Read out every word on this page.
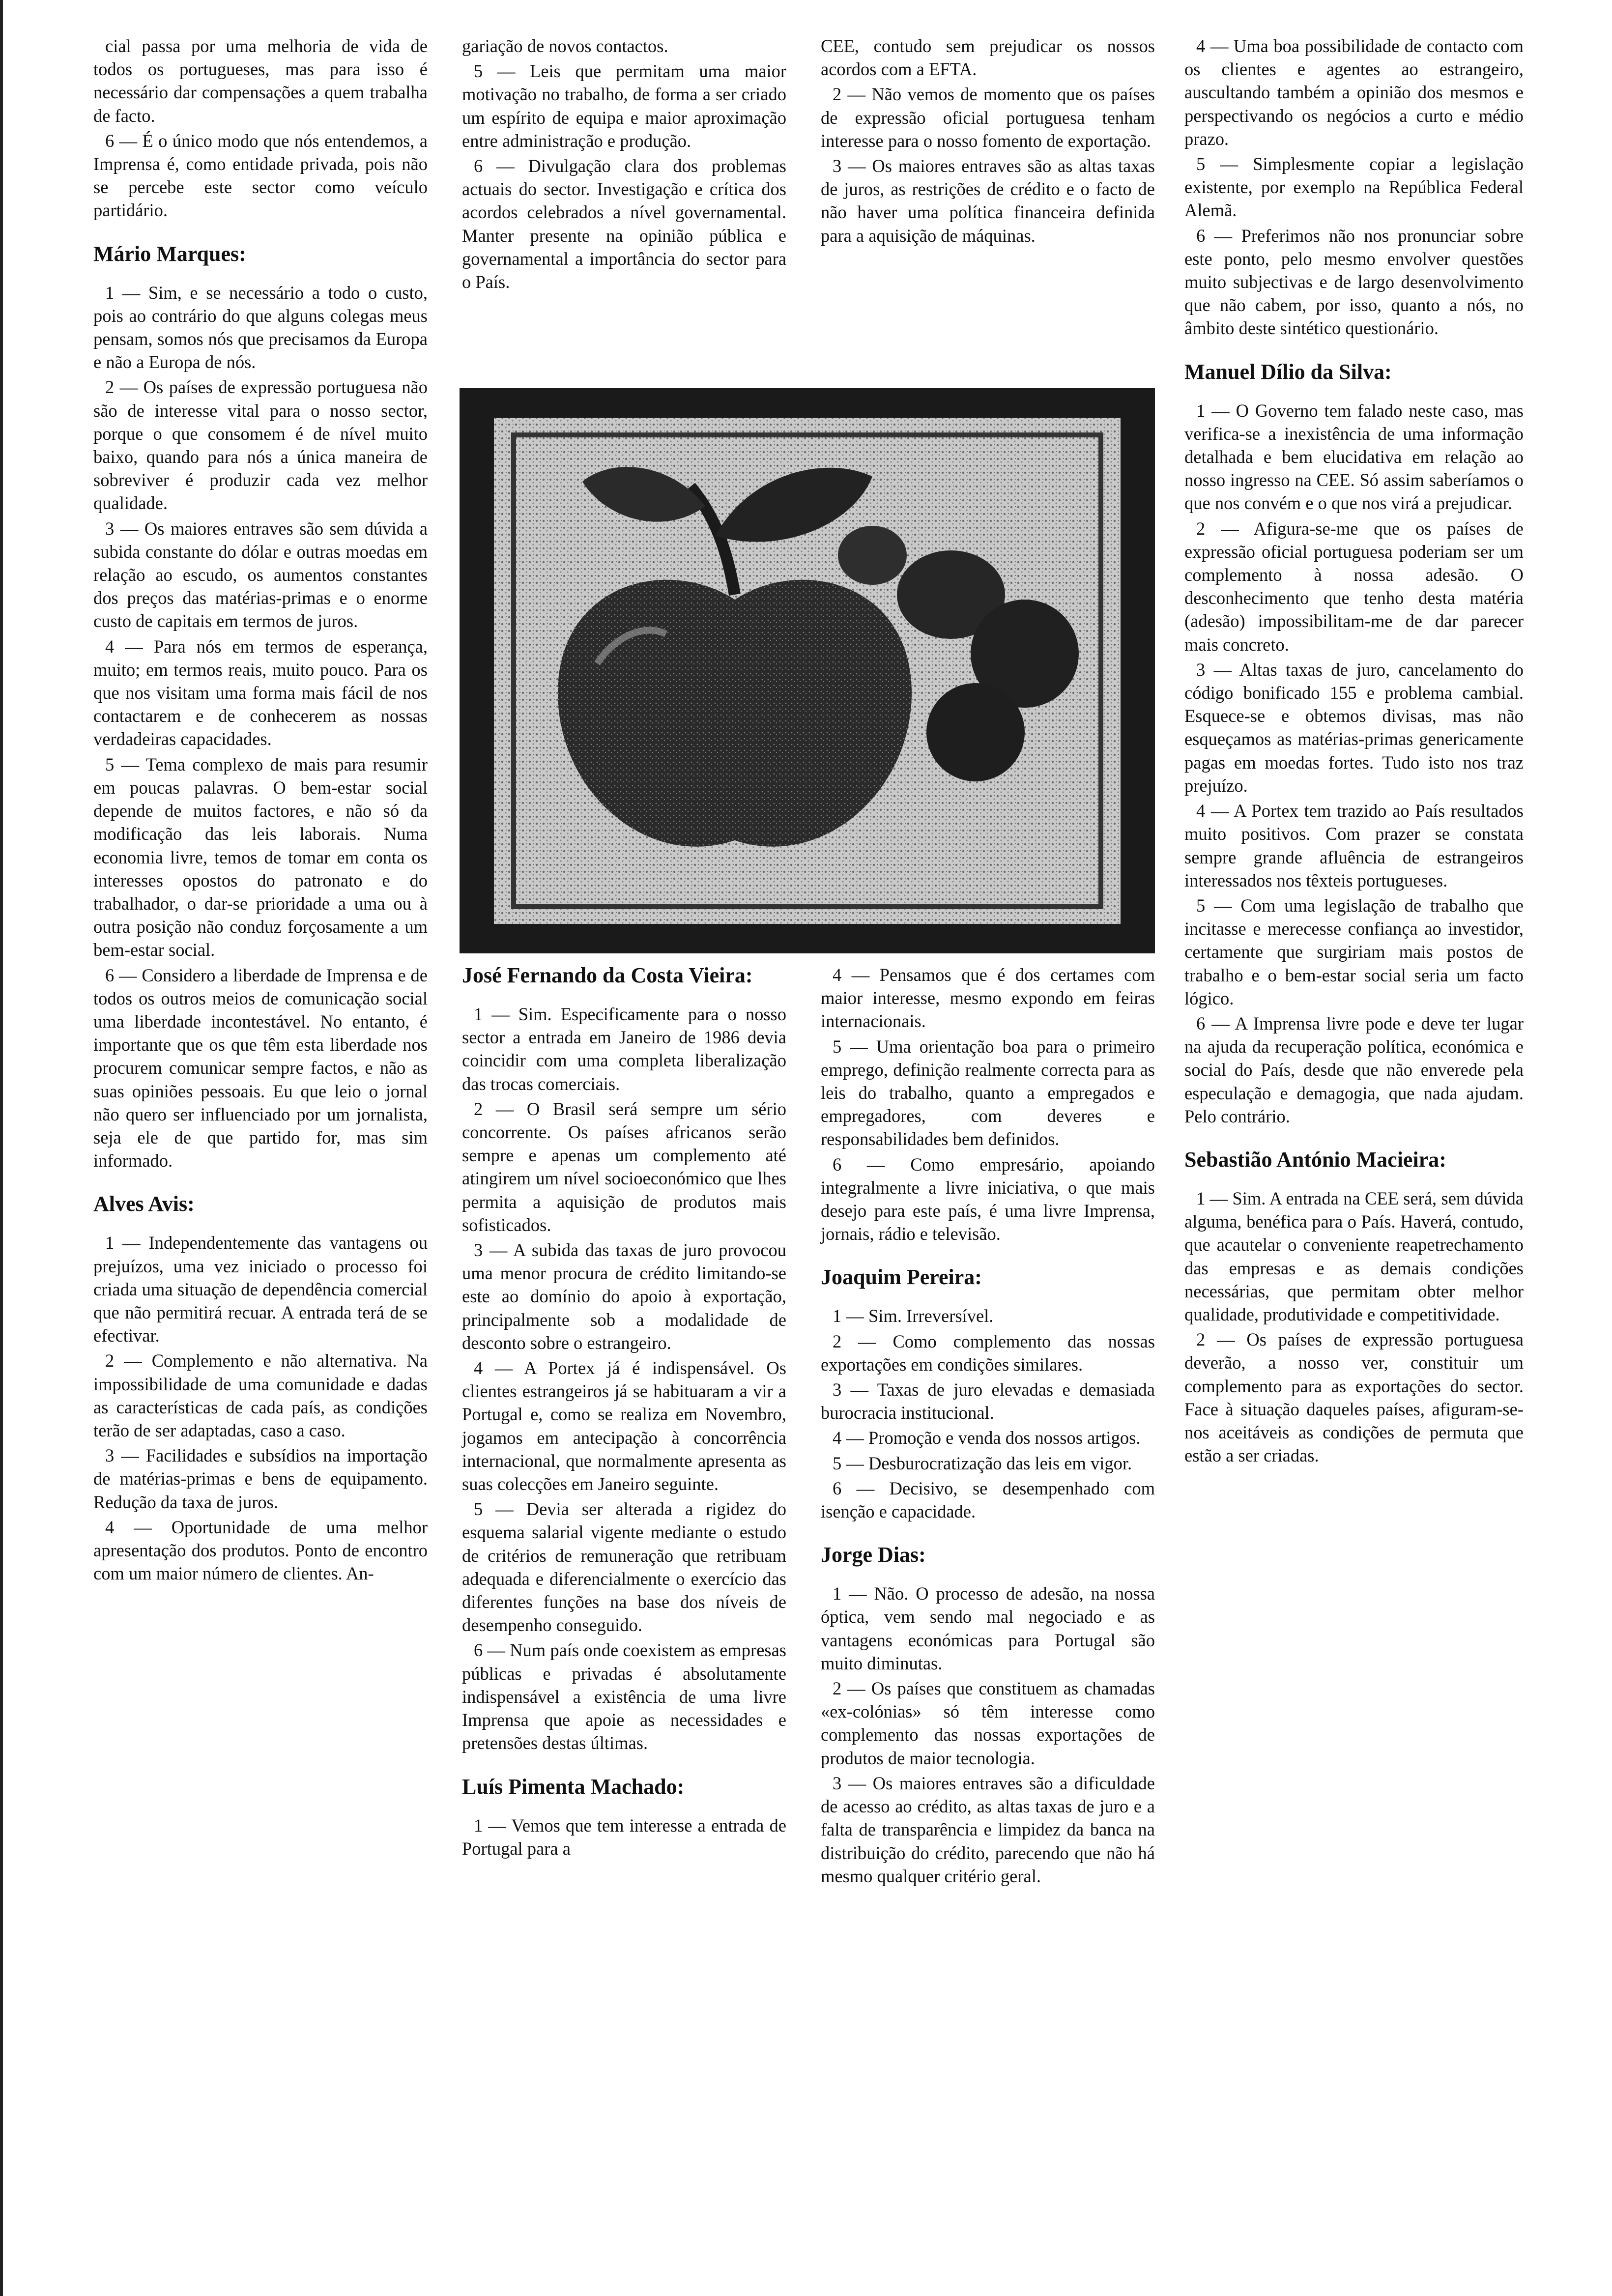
cial passa por uma melhoria de vida de todos os portugueses, mas para isso é necessário dar compensações a quem trabalha de facto.

6 — É o único modo que nós entendemos, a Imprensa é, como entidade privada, pois não se percebe este sector como veículo partidário.

Mário Marques:

1 — Sim, e se necessário a todo o custo, pois ao contrário do que alguns colegas meus pensam, somos nós que precisamos da Europa e não a Europa de nós.

2 — Os países de expressão portuguesa não são de interesse vital para o nosso sector, porque o que consomem é de nível muito baixo, quando para nós a única maneira de sobreviver é produzir cada vez melhor qualidade.

3 — Os maiores entraves são sem dúvida a subida constante do dólar e outras moedas em relação ao escudo, os aumentos constantes dos preços das matérias-primas e o enorme custo de capitais em termos de juros.

4 — Para nós em termos de esperança, muito; em termos reais, muito pouco. Para os que nos visitam uma forma mais fácil de nos contactarem e de conhecerem as nossas verdadeiras capacidades.

5 — Tema complexo de mais para resumir em poucas palavras. O bem-estar social depende de muitos factores, e não só da modificação das leis laborais. Numa economia livre, temos de tomar em conta os interesses opostos do patronato e do trabalhador, o dar-se prioridade a uma ou à outra posição não conduz forçosamente a um bem-estar social.

6 — Considero a liberdade de Imprensa e de todos os outros meios de comunicação social uma liberdade incontestável. No entanto, é importante que os que têm esta liberdade nos procurem comunicar sempre factos, e não as suas opiniões pessoais. Eu que leio o jornal não quero ser influenciado por um jornalista, seja ele de que partido for, mas sim informado.

Alves Avis:

1 — Independentemente das vantagens ou prejuízos, uma vez iniciado o processo foi criada uma situação de dependência comercial que não permitirá recuar. A entrada terá de se efectivar.

2 — Complemento e não alternativa. Na impossibilidade de uma comunidade e dadas as características de cada país, as condições terão de ser adaptadas, caso a caso.

3 — Facilidades e subsídios na importação de matérias-primas e bens de equipamento. Redução da taxa de juros.

4 — Oportunidade de uma melhor apresentação dos produtos. Ponto de encontro com um maior número de clientes. An-

gariação de novos contactos.

5 — Leis que permitam uma maior motivação no trabalho, de forma a ser criado um espírito de equipa e maior aproximação entre administração e produção.

6 — Divulgação clara dos problemas actuais do sector. Investigação e crítica dos acordos celebrados a nível governamental. Manter presente na opinião pública e governamental a importância do sector para o País.

CEE, contudo sem prejudicar os nossos acordos com a EFTA.

2 — Não vemos de momento que os países de expressão oficial portuguesa tenham interesse para o nosso fomento de exportação.

3 — Os maiores entraves são as altas taxas de juros, as restrições de crédito e o facto de não haver uma política financeira definida para a aquisição de máquinas.

José Fernando da Costa Vieira:

1 — Sim. Especificamente para o nosso sector a entrada em Janeiro de 1986 devia coincidir com uma completa liberalização das trocas comerciais.

2 — O Brasil será sempre um sério concorrente. Os países africanos serão sempre e apenas um complemento até atingirem um nível socioeconómico que lhes permita a aquisição de produtos mais sofisticados.

3 — A subida das taxas de juro provocou uma menor procura de crédito limitando-se este ao domínio do apoio à exportação, principalmente sob a modalidade de desconto sobre o estrangeiro.

4 — A Portex já é indispensável. Os clientes estrangeiros já se habituaram a vir a Portugal e, como se realiza em Novembro, jogamos em antecipação à concorrência internacional, que normalmente apresenta as suas colecções em Janeiro seguinte.

5 — Devia ser alterada a rigidez do esquema salarial vigente mediante o estudo de critérios de remuneração que retribuam adequada e diferencialmente o exercício das diferentes funções na base dos níveis de desempenho conseguido.

6 — Num país onde coexistem as empresas públicas e privadas é absolutamente indispensável a existência de uma livre Imprensa que apoie as necessidades e pretensões destas últimas.

Luís Pimenta Machado:

1 — Vemos que tem interesse a entrada de Portugal para a

4 — Pensamos que é dos certames com maior interesse, mesmo expondo em feiras internacionais.

5 — Uma orientação boa para o primeiro emprego, definição realmente correcta para as leis do trabalho, quanto a empregados e empregadores, com deveres e responsabilidades bem definidos.

6 — Como empresário, apoiando integralmente a livre iniciativa, o que mais desejo para este país, é uma livre Imprensa, jornais, rádio e televisão.

Joaquim Pereira:

1 — Sim. Irreversível.

2 — Como complemento das nossas exportações em condições similares.

3 — Taxas de juro elevadas e demasiada burocracia institucional.

4 — Promoção e venda dos nossos artigos.

5 — Desburocratização das leis em vigor.

6 — Decisivo, se desempenhado com isenção e capacidade.

Jorge Dias:

1 — Não. O processo de adesão, na nossa óptica, vem sendo mal negociado e as vantagens económicas para Portugal são muito diminutas.

2 — Os países que constituem as chamadas «ex-colónias» só têm interesse como complemento das nossas exportações de produtos de maior tecnologia.

3 — Os maiores entraves são a dificuldade de acesso ao crédito, as altas taxas de juro e a falta de transparência e limpidez da banca na distribuição do crédito, parecendo que não há mesmo qualquer critério geral.

4 — Uma boa possibilidade de contacto com os clientes e agentes ao estrangeiro, auscultando também a opinião dos mesmos e perspectivando os negócios a curto e médio prazo.

5 — Simplesmente copiar a legislação existente, por exemplo na República Federal Alemã.

6 — Preferimos não nos pronunciar sobre este ponto, pelo mesmo envolver questões muito subjectivas e de largo desenvolvimento que não cabem, por isso, quanto a nós, no âmbito deste sintético questionário.

Manuel Dílio da Silva:

1 — O Governo tem falado neste caso, mas verifica-se a inexistência de uma informação detalhada e bem elucidativa em relação ao nosso ingresso na CEE. Só assim saberíamos o que nos convém e o que nos virá a prejudicar.

2 — Afigura-se-me que os países de expressão oficial portuguesa poderiam ser um complemento à nossa adesão. O desconhecimento que tenho desta matéria (adesão) impossibilitam-me de dar parecer mais concreto.

3 — Altas taxas de juro, cancelamento do código bonificado 155 e problema cambial. Esquece-se e obtemos divisas, mas não esqueçamos as matérias-primas genericamente pagas em moedas fortes. Tudo isto nos traz prejuízo.

4 — A Portex tem trazido ao País resultados muito positivos. Com prazer se constata sempre grande afluência de estrangeiros interessados nos têxteis portugueses.

5 — Com uma legislação de trabalho que incitasse e merecesse confiança ao investidor, certamente que surgiriam mais postos de trabalho e o bem-estar social seria um facto lógico.

6 — A Imprensa livre pode e deve ter lugar na ajuda da recuperação política, económica e social do País, desde que não enverede pela especulação e demagogia, que nada ajudam. Pelo contrário.

Sebastião António Macieira:

1 — Sim. A entrada na CEE será, sem dúvida alguma, benéfica para o País. Haverá, contudo, que acautelar o conveniente reapetrechamento das empresas e as demais condições necessárias, que permitam obter melhor qualidade, produtividade e competitividade.

2 — Os países de expressão portuguesa deverão, a nosso ver, constituir um complemento para as exportações do sector. Face à situação daqueles países, afiguram-se-nos aceitáveis as condições de permuta que estão a ser criadas.
